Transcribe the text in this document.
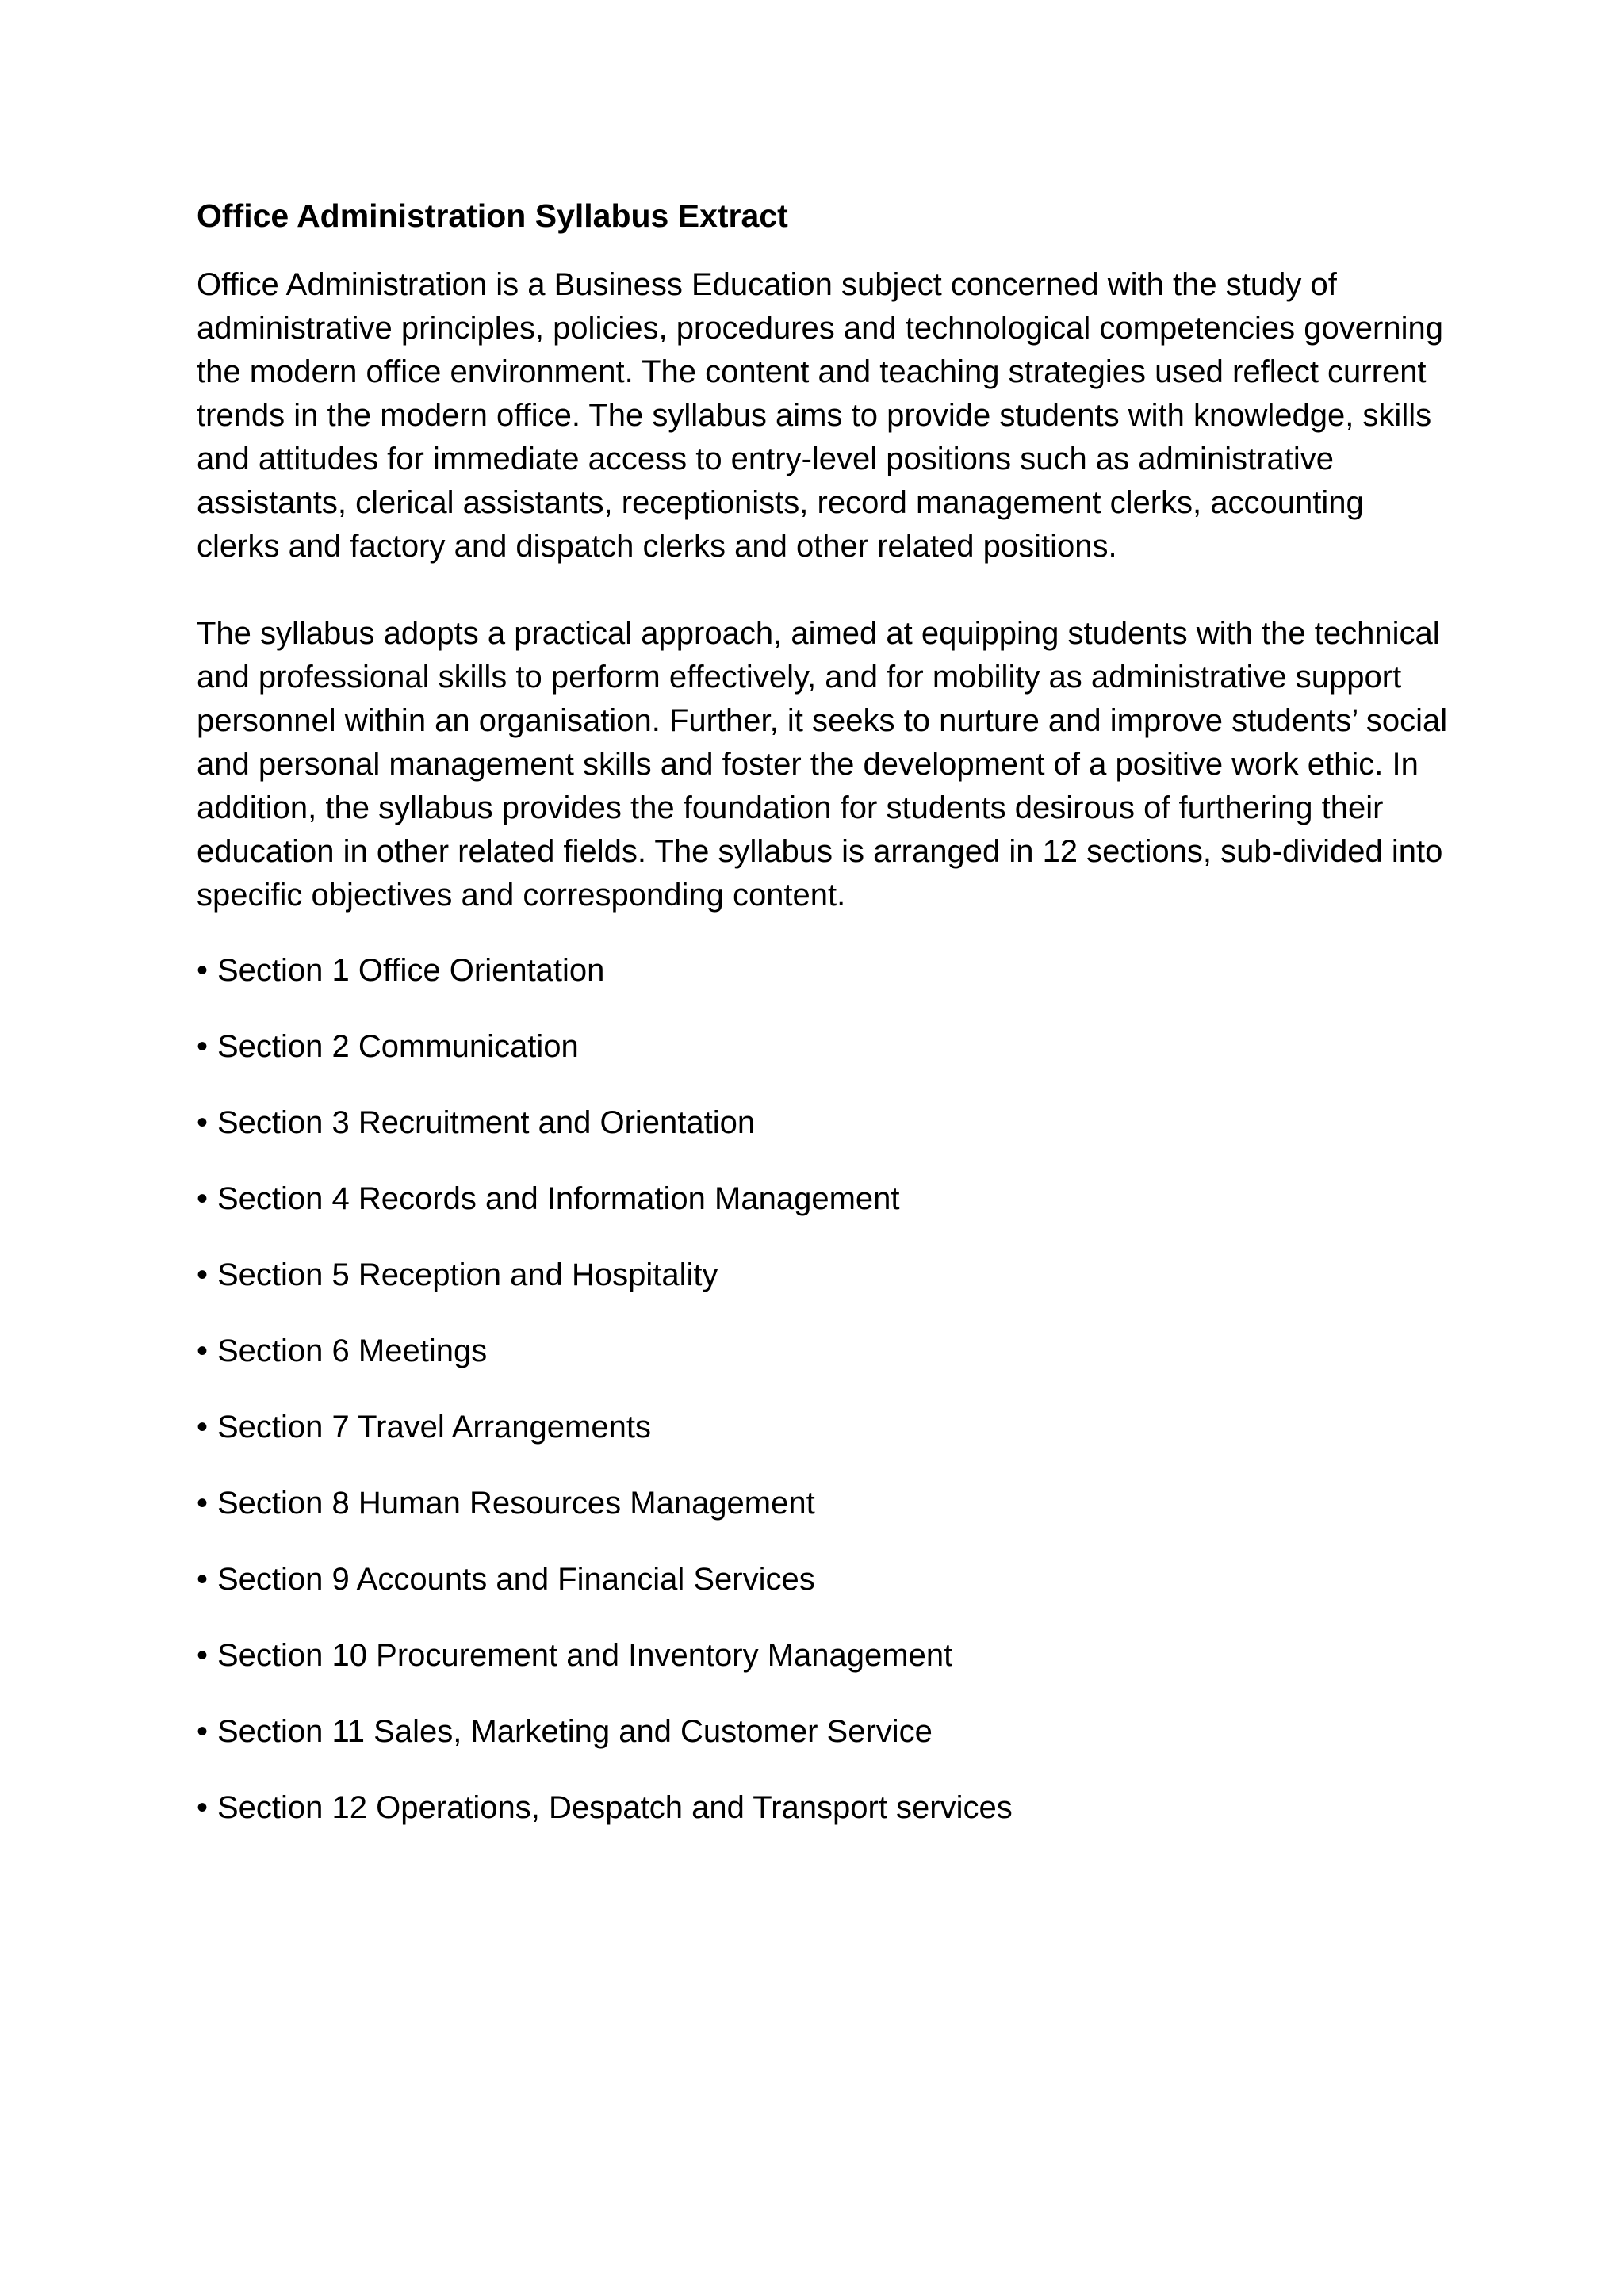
Office Administration Syllabus Extract

Office Administration is a Business Education subject concerned with the study of administrative principles, policies, procedures and technological competencies governing the modern office environment. The content and teaching strategies used reflect current trends in the modern office. The syllabus aims to provide students with knowledge, skills and attitudes for immediate access to entry-level positions such as administrative assistants, clerical assistants, receptionists, record management clerks, accounting clerks and factory and dispatch clerks and other related positions.

The syllabus adopts a practical approach, aimed at equipping students with the technical and professional skills to perform effectively, and for mobility as administrative support personnel within an organisation. Further, it seeks to nurture and improve students’ social and personal management skills and foster the development of a positive work ethic. In addition, the syllabus provides the foundation for students desirous of furthering their education in other related fields. The syllabus is arranged in 12 sections, sub-divided into specific objectives and corresponding content.

• Section 1 Office Orientation
• Section 2 Communication
• Section 3 Recruitment and Orientation
• Section 4 Records and Information Management
• Section 5 Reception and Hospitality
• Section 6 Meetings
• Section 7 Travel Arrangements
• Section 8 Human Resources Management
• Section 9 Accounts and Financial Services
• Section 10 Procurement and Inventory Management
• Section 11 Sales, Marketing and Customer Service
• Section 12 Operations, Despatch and Transport services
